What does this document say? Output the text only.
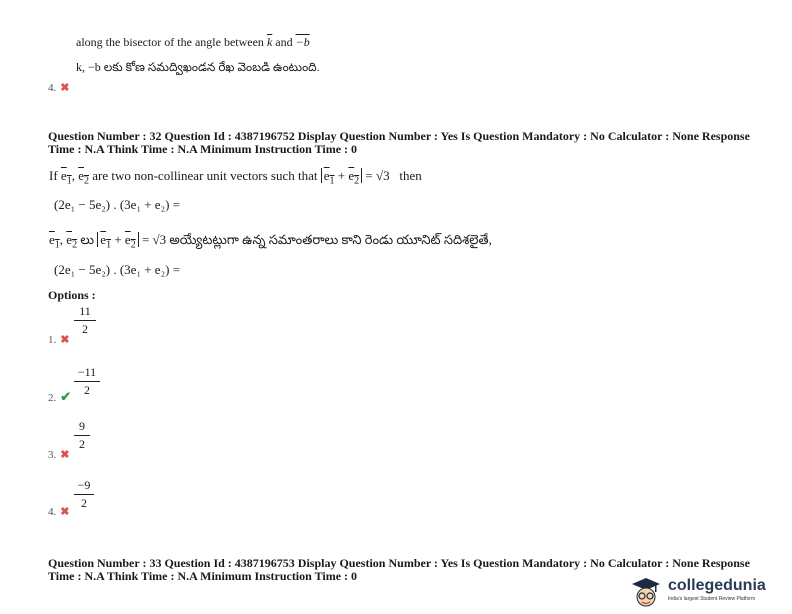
along the bisector of the angle between $\overline{k}$ and −b
k, −b లకు కోణ సమద్విఖండన రేఖ వెంబడి ఉంటుంది.
4. ✖
Question Number : 32 Question Id : 4387196752 Display Question Number : Yes Is Question Mandatory : No Calculator : None Response
Time : N.A Think Time : N.A Minimum Instruction Time : 0
If $e_1$, $e_2$ are two non-collinear unit vectors such that $e_1 + e_2 = √3$ then
(2e₁ − 5e₂) . (3e₁ + e₂) =
$e_1$, $e_2$ లు $e_1 + e_2 = √3$ అయ్యేటట్లుగా ఉన్న సమాంతరాలు కాని రెండు యూనిట్ సదిశలైతే,
(2e₁ − 5e₂) . (3e₁ + e₂) =
Options :
11
2
1. ✖
−11
2
2. ✔
9
2
3. ✖
−9
2
4. ✖
Question Number : 33 Question Id : 4387196753 Display Question Number : Yes Is Question Mandatory : No Calculator : None Response
Time : N.A Think Time : N.A Minimum Instruction Time : 0
collegedunia
India's largest Student Review Platform
